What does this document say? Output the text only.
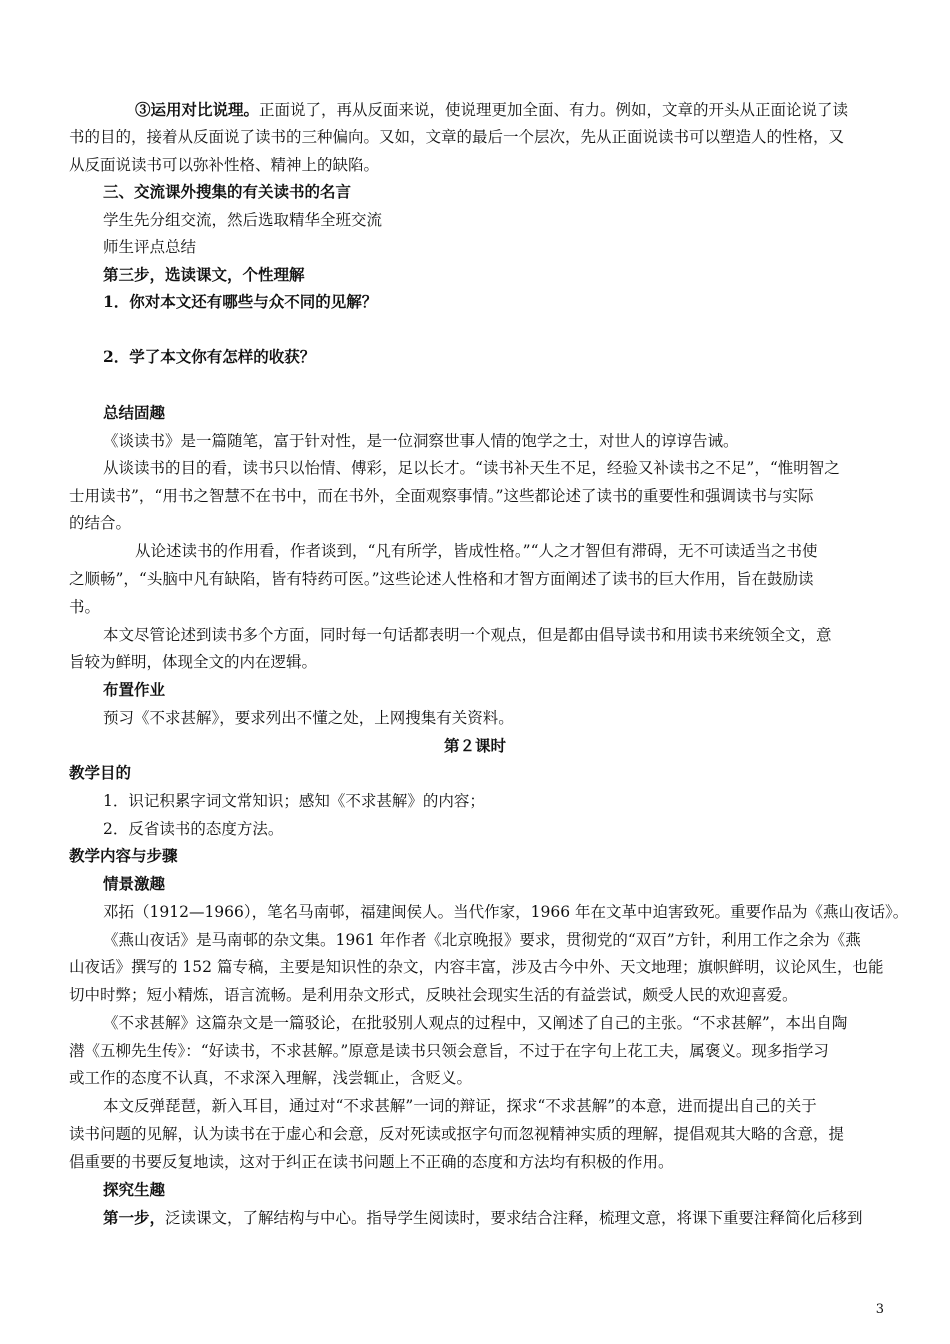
③运用对比说理。正面说了，再从反面来说，使说理更加全面、有力。例如，文章的开头从正面论说了读
书的目的，接着从反面说了读书的三种偏向。又如，文章的最后一个层次，先从正面说读书可以塑造人的性格，又
从反面说读书可以弥补性格、精神上的缺陷。
三、交流课外搜集的有关读书的名言
学生先分组交流，然后选取精华全班交流
师生评点总结
第三步，选读课文，个性理解
1．你对本文还有哪些与众不同的见解？
2．学了本文你有怎样的收获？
总结固趣
《谈读书》是一篇随笔，富于针对性，是一位洞察世事人情的饱学之士，对世人的谆谆告诫。
从谈读书的目的看，读书只以怡情、傅彩，足以长才。“读书补天生不足，经验又补读书之不足”，“惟明智之
士用读书”，“用书之智慧不在书中，而在书外，全面观察事情。”这些都论述了读书的重要性和强调读书与实际
的结合。
从论述读书的作用看，作者谈到，“凡有所学，皆成性格。”“人之才智但有滞碍，无不可读适当之书使
之顺畅”，“头脑中凡有缺陷，皆有特药可医。”这些论述人性格和才智方面阐述了读书的巨大作用，旨在鼓励读
书。
本文尽管论述到读书多个方面，同时每一句话都表明一个观点，但是都由倡导读书和用读书来统领全文，意
旨较为鲜明，体现全文的内在逻辑。
布置作业
预习《不求甚解》，要求列出不懂之处，上网搜集有关资料。
第２课时
教学目的
1．识记积累字词文常知识；感知《不求甚解》的内容；
2．反省读书的态度方法。
教学内容与步骤
情景激趣
邓拓（1912—1966），笔名马南邨，福建闽侯人。当代作家，1966 年在文革中迫害致死。重要作品为《燕山夜话》。
《燕山夜话》是马南邨的杂文集。1961 年作者《北京晚报》要求，贯彻党的“双百”方针，利用工作之余为《燕
山夜话》撰写的 152 篇专稿，主要是知识性的杂文，内容丰富，涉及古今中外、天文地理；旗帜鲜明，议论风生，也能
切中时弊；短小精炼，语言流畅。是利用杂文形式，反映社会现实生活的有益尝试，颇受人民的欢迎喜爱。
《不求甚解》这篇杂文是一篇驳论，在批驳别人观点的过程中，又阐述了自己的主张。“不求甚解”，本出自陶
潜《五柳先生传》：“好读书，不求甚解。”原意是读书只领会意旨，不过于在字句上花工夫，属褒义。现多指学习
或工作的态度不认真，不求深入理解，浅尝辄止，含贬义。
本文反弹琵琶，新入耳目，通过对“不求甚解”一词的辩证，探求“不求甚解”的本意，进而提出自己的关于
读书问题的见解，认为读书在于虚心和会意，反对死读或抠字句而忽视精神实质的理解，提倡观其大略的含意，提
倡重要的书要反复地读，这对于纠正在读书问题上不正确的态度和方法均有积极的作用。
探究生趣
第一步，泛读课文，了解结构与中心。指导学生阅读时，要求结合注释，梳理文意，将课下重要注释简化后移到
3
